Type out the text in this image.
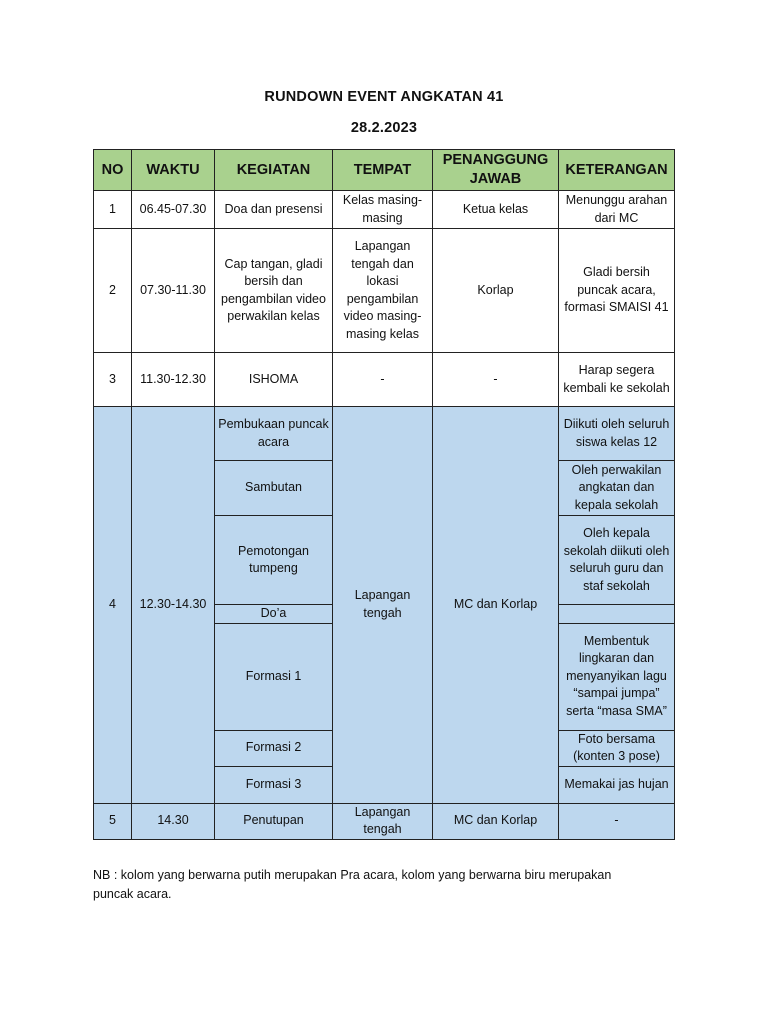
RUNDOWN EVENT ANGKATAN 41
28.2.2023
NO	WAKTU	KEGIATAN	TEMPAT	PENANGGUNG JAWAB	KETERANGAN
1	06.45-07.30	Doa dan presensi	Kelas masing-masing	Ketua kelas	Menunggu arahan dari MC
2	07.30-11.30	Cap tangan, gladi bersih dan pengambilan video perwakilan kelas	Lapangan tengah dan lokasi pengambilan video masing-masing kelas	Korlap	Gladi bersih puncak acara, formasi SMAISI 41
3	11.30-12.30	ISHOMA	-	-	Harap segera kembali ke sekolah
4	12.30-14.30	Pembukaan puncak acara	Lapangan tengah	MC dan Korlap	Diikuti oleh seluruh siswa kelas 12
		Sambutan			Oleh perwakilan angkatan dan kepala sekolah
		Pemotongan tumpeng			Oleh kepala sekolah diikuti oleh seluruh guru dan staf sekolah
		Do’a			
		Formasi 1			Membentuk lingkaran dan menyanyikan lagu “sampai jumpa” serta “masa SMA”
		Formasi 2			Foto bersama (konten 3 pose)
		Formasi 3			Memakai jas hujan
5	14.30	Penutupan	Lapangan tengah	MC dan Korlap	-
NB : kolom yang berwarna putih merupakan Pra acara, kolom yang berwarna biru merupakan puncak acara.
